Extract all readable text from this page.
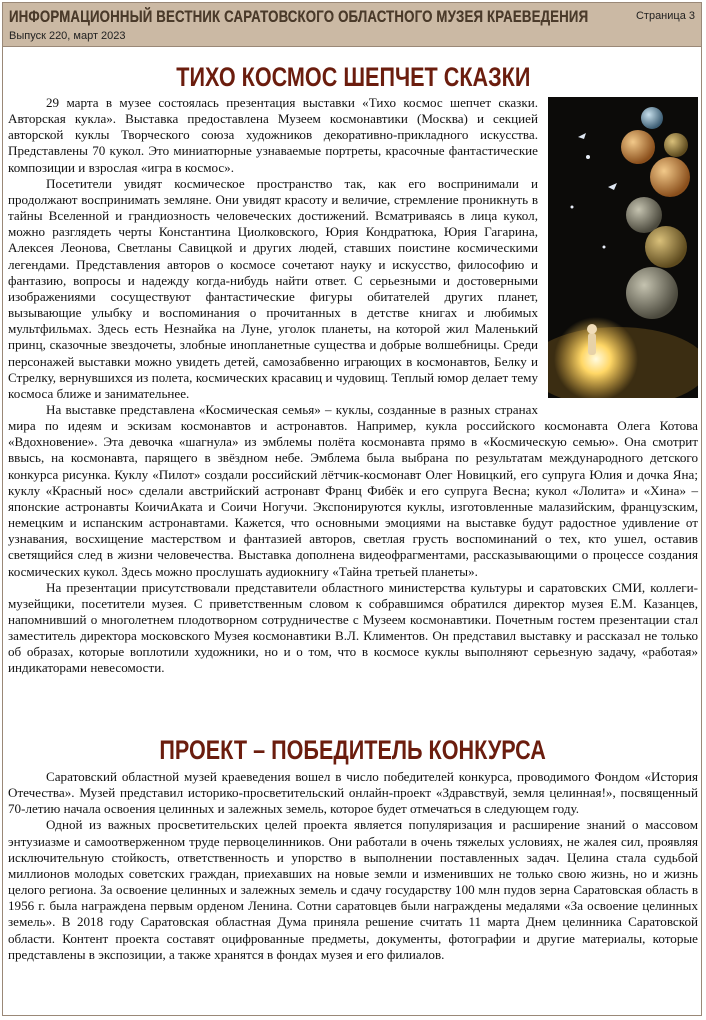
ИНФОРМАЦИОННЫЙ ВЕСТНИК САРАТОВСКОГО ОБЛАСТНОГО МУЗЕЯ КРАЕВЕДЕНИЯ
Выпуск 220, март 2023
Страница 3
ТИХО КОСМОС ШЕПЧЕТ СКАЗКИ

29 марта в музее состоялась презентация выставки «Тихо космос шепчет сказки. Авторская кукла». Выставка предоставлена Музеем космонавтики (Москва) и секцией авторской куклы Творческого союза художников декоративно-прикладного искусства. Представлены 70 кукол. Это миниатюрные узнаваемые портреты, красочные фантастические композиции и взрослая «игра в космос».

Посетители увидят космическое пространство так, как его воспринимали и продолжают воспринимать земляне. Они увидят красоту и величие, стремление проникнуть в тайны Вселенной и грандиозность человеческих достижений. Всматриваясь в лица кукол, можно разглядеть черты Константина Циолковского, Юрия Кондратюка, Юрия Гагарина, Алексея Леонова, Светланы Савицкой и других людей, ставших поистине космическими легендами. Представления авторов о космосе сочетают науку и искусство, философию и фантазию, вопросы и надежду когда-нибудь найти ответ. С серьезными и достоверными изображениями сосуществуют фантастические фигуры обитателей других планет, вызывающие улыбку и воспоминания о прочитанных в детстве книгах и любимых мультфильмах. Здесь есть Незнайка на Луне, уголок планеты, на которой жил Маленький принц, сказочные звездочеты, злобные инопланетные существа и добрые волшебницы. Среди персонажей выставки можно увидеть детей, самозабвенно играющих в космонавтов, Белку и Стрелку, вернувшихся из полета, космических красавиц и чудовищ. Теплый юмор делает тему космоса ближе и занимательнее.

На выставке представлена «Космическая семья» – куклы, созданные в разных странах мира по идеям и эскизам космонавтов и астронавтов. Например, кукла российского космонавта Олега Котова «Вдохновение». Эта девочка «шагнула» из эмблемы полёта космонавта прямо в «Космическую семью». Она смотрит ввысь, на космонавта, парящего в звёздном небе. Эмблема была выбрана по результатам международного детского конкурса рисунка. Куклу «Пилот» создали российский лётчик-космонавт Олег Новицкий, его супруга Юлия и дочка Яна; куклу «Красный нос» сделали австрийский астронавт Франц Фибёк и его супруга Весна; кукол «Лолита» и «Хина» – японские астронавты КоичиАката и Соичи Ногучи. Экспонируются куклы, изготовленные малазийским, французским, немецким и испанским астронавтами. Кажется, что основными эмоциями на выставке будут радостное удивление от узнавания, восхищение мастерством и фантазией авторов, светлая грусть воспоминаний о тех, кто ушел, оставив светящийся след в жизни человечества. Выставка дополнена видеофрагментами, рассказывающими о процессе создания космических кукол. Здесь можно прослушать аудиокнигу «Тайна третьей планеты».

На презентации присутствовали представители областного министерства культуры и саратовских СМИ, коллеги-музейщики, посетители музея. С приветственным словом к собравшимся обратился директор музея Е.М. Казанцев, напомнивший о многолетнем плодотворном сотрудничестве с Музеем космонавтики. Почетным гостем презентации стал заместитель директора московского Музея космонавтики В.Л. Климентов. Он представил выставку и рассказал не только об образах, которые воплотили художники, но и о том, что в космосе куклы выполняют серьезную задачу, «работая» индикаторами невесомости.

ПРОЕКТ – ПОБЕДИТЕЛЬ КОНКУРСА

Саратовский областной музей краеведения вошел в число победителей конкурса, проводимого Фондом «История Отечества». Музей представил историко-просветительский онлайн-проект «Здравствуй, земля целинная!», посвященный 70-летию начала освоения целинных и залежных земель, которое будет отмечаться в следующем году.

Одной из важных просветительских целей проекта является популяризация и расширение знаний о массовом энтузиазме и самоотверженном труде первоцелинников. Они работали в очень тяжелых условиях, не жалея сил, проявляя исключительную стойкость, ответственность и упорство в выполнении поставленных задач. Целина стала судьбой миллионов молодых советских граждан, приехавших на новые земли и изменивших не только свою жизнь, но и жизнь целого региона. За освоение целинных и залежных земель и сдачу государству 100 млн пудов зерна Саратовская область в 1956 г. была награждена первым орденом Ленина. Сотни саратовцев были награждены медалями «За освоение целинных земель». В 2018 году Саратовская областная Дума приняла решение считать 11 марта Днем целинника Саратовской области. Контент проекта составят оцифрованные предметы, документы, фотографии и другие материалы, которые представлены в экспозиции, а также хранятся в фондах музея и его филиалов.
